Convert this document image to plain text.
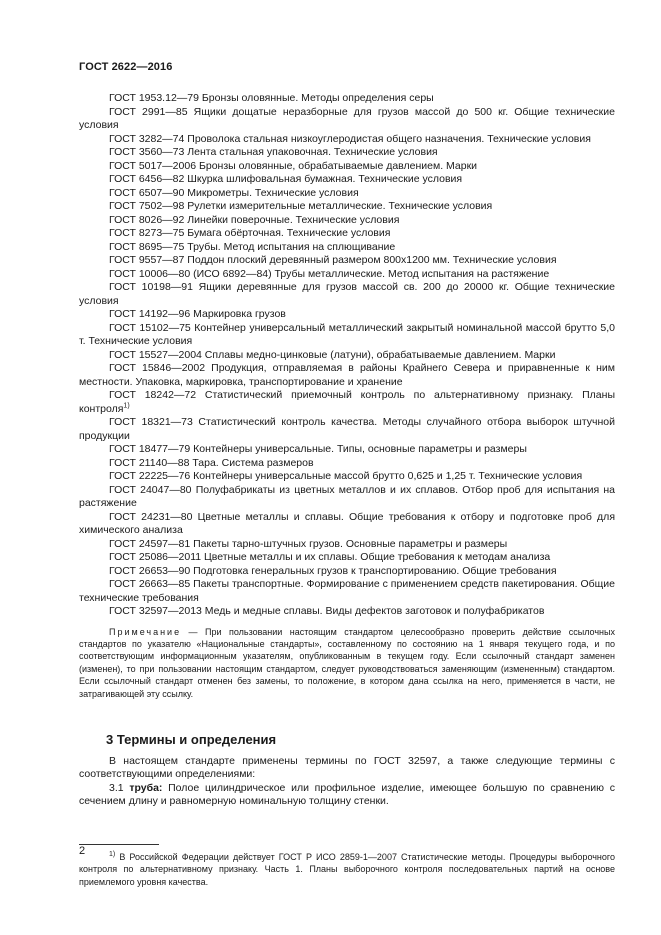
ГОСТ 2622—2016

ГОСТ 1953.12—79 Бронзы оловянные. Методы определения серы

ГОСТ 2991—85 Ящики дощатые неразборные для грузов массой до 500 кг. Общие технические условия

ГОСТ 3282—74 Проволока стальная низкоуглеродистая общего назначения. Технические условия

ГОСТ 3560—73 Лента стальная упаковочная. Технические условия

ГОСТ 5017—2006 Бронзы оловянные, обрабатываемые давлением. Марки

ГОСТ 6456—82 Шкурка шлифовальная бумажная. Технические условия

ГОСТ 6507—90 Микрометры. Технические условия

ГОСТ 7502—98 Рулетки измерительные металлические. Технические условия

ГОСТ 8026—92 Линейки поверочные. Технические условия

ГОСТ 8273—75 Бумага обёрточная. Технические условия

ГОСТ 8695—75 Трубы. Метод испытания на сплющивание

ГОСТ 9557—87 Поддон плоский деревянный размером 800х1200 мм. Технические условия

ГОСТ 10006—80 (ИСО 6892—84) Трубы металлические. Метод испытания на растяжение

ГОСТ 10198—91 Ящики деревянные для грузов массой св. 200 до 20000 кг. Общие технические условия

ГОСТ 14192—96 Маркировка грузов

ГОСТ 15102—75 Контейнер универсальный металлический закрытый номинальной массой брутто 5,0 т. Технические условия

ГОСТ 15527—2004 Сплавы медно-цинковые (латуни), обрабатываемые давлением. Марки

ГОСТ 15846—2002 Продукция, отправляемая в районы Крайнего Севера и приравненные к ним местности. Упаковка, маркировка, транспортирование и хранение

ГОСТ 18242—72 Статистический приемочный контроль по альтернативному признаку. Планы контроля$^{1)}$

ГОСТ 18321—73 Статистический контроль качества. Методы случайного отбора выборок штучной продукции

ГОСТ 18477—79 Контейнеры универсальные. Типы, основные параметры и размеры

ГОСТ 21140—88 Тара. Система размеров

ГОСТ 22225—76 Контейнеры универсальные массой брутто 0,625 и 1,25 т. Технические условия

ГОСТ 24047—80 Полуфабрикаты из цветных металлов и их сплавов. Отбор проб для испытания на растяжение

ГОСТ 24231—80 Цветные металлы и сплавы. Общие требования к отбору и подготовке проб для химического анализа

ГОСТ 24597—81 Пакеты тарно-штучных грузов. Основные параметры и размеры

ГОСТ 25086—2011 Цветные металлы и их сплавы. Общие требования к методам анализа

ГОСТ 26653—90 Подготовка генеральных грузов к транспортированию. Общие требования

ГОСТ 26663—85 Пакеты транспортные. Формирование с применением средств пакетирования. Общие технические требования

ГОСТ 32597—2013 Медь и медные сплавы. Виды дефектов заготовок и полуфабрикатов

Примечание — При пользовании настоящим стандартом целесообразно проверить действие ссылочных стандартов по указателю «Национальные стандарты», составленному по состоянию на 1 января текущего года, и по соответствующим информационным указателям, опубликованным в текущем году. Если ссылочный стандарт заменен (изменен), то при пользовании настоящим стандартом, следует руководствоваться заменяющим (измененным) стандартом. Если ссылочный стандарт отменен без замены, то положение, в котором дана ссылка на него, применяется в части, не затрагивающей эту ссылку.

3 Термины и определения

В настоящем стандарте применены термины по ГОСТ 32597, а также следующие термины с соответствующими определениями:

3.1 труба: Полое цилиндрическое или профильное изделие, имеющее большую по сравнению с сечением длину и равномерную номинальную толщину стенки.

$^{1)}$ В Российской Федерации действует ГОСТ Р ИСО 2859-1—2007 Статистические методы. Процедуры выборочного контроля по альтернативному признаку. Часть 1. Планы выборочного контроля последовательных партий на основе приемлемого уровня качества.

2
